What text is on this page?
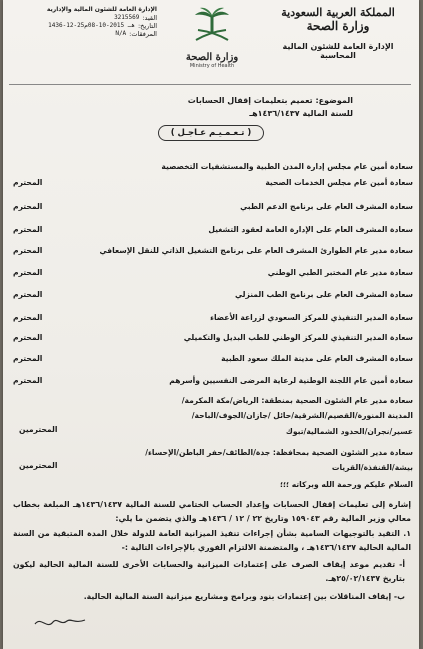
المملكة العربية السعودية
وزارة الصحة
الإدارة العامة للشئون المالية
المحاسبة
وزارة الصحة
Ministry of Health
الإدارة العامة للشئون المالية والإدارية
القيد:
3215569
التاريخ:
1436-12-25هـ 2015-10-08م
المرفقات:
N/A
الموضوع: تعميم بتعليمات إقفال الحسابات
للسنة المالية ١٤٣٦/١٤٣٧هـ
( تـعـمـيـم عـاجـل )
سعادة أمين عام مجلس إدارة المدن الطبية والمستشفيات التخصصية
سعادة أمين عام مجلس الخدمات الصحية
المحترم
سعادة المشرف العام على برنامج الدعم الطبي
المحترم
سعادة المشرف العام على الإدارة العامة لعقود التشغيل
المحترم
سعادة مدير عام الطوارئ المشرف العام على برنامج التشغيل الذاتي للنقل الإسعافي
المحترم
سعادة مدير عام المختبر الطبي الوطني
المحترم
سعادة المشرف العام على برنامج الطب المنزلي
المحترم
سعادة المدير التنفيذي للمركز السعودي لزراعة الأعضاء
المحترم
سعادة المدير التنفيذي للمركز الوطني للطب البديل والتكميلي
المحترم
سعادة المشرف العام على مدينة الملك سعود الطبية
المحترم
سعادة أمين عام اللجنة الوطنية لرعاية المرضى النفسيين وأسرهم
المحترم
سعادة مدير عام الشئون الصحية بمنطقة: الرياض/مكة المكرمة/
المدينة المنورة/القصيم/الشرقية/حائل /جازان/الجوف/الباحة/
عسير/نجران/الحدود الشمالية/تبوك
المحترمين
سعادة مدير الشئون الصحية بمحافظة: جدة/الطائف/حفر الباطن/الإحساء/
بيشة/القنفذة/القريات
المحترمين
السلام عليكم ورحمة الله وبركاته ؛؛؛
إشارة إلى تعليمات إقفال الحسابات وإعداد الحساب الختامي للسنة المالية ١٤٣٦/١٤٣٧هـ المبلغة بخطاب معالي وزير المالية رقم ١٥٩٠٤٣ وتاريخ ٢٢ / ١٢ / ١٤٣٦هـ والذي يتضمن ما يلي:
١. التقيد بالتوجيهات السامية بشأن إجراءات تنفيذ الميزانية العامة للدولة خلال المدة المتبقية من السنة المالية الحالية ١٤٣٦/١٤٣٧هـ ، والمتضمنة الالتزام الفوري بالإجراءات التالية :-
أ- تقديم موعد إيقاف الصرف على إعتمادات الميزانية والحسابات الأخرى للسنة المالية الحالية ليكون بتاريخ ٢٥/٠٢/١٤٣٧هـ.
ب- إيقاف المناقلات بين إعتمادات بنود وبرامج ومشاريع ميزانية السنة المالية الحالية.
